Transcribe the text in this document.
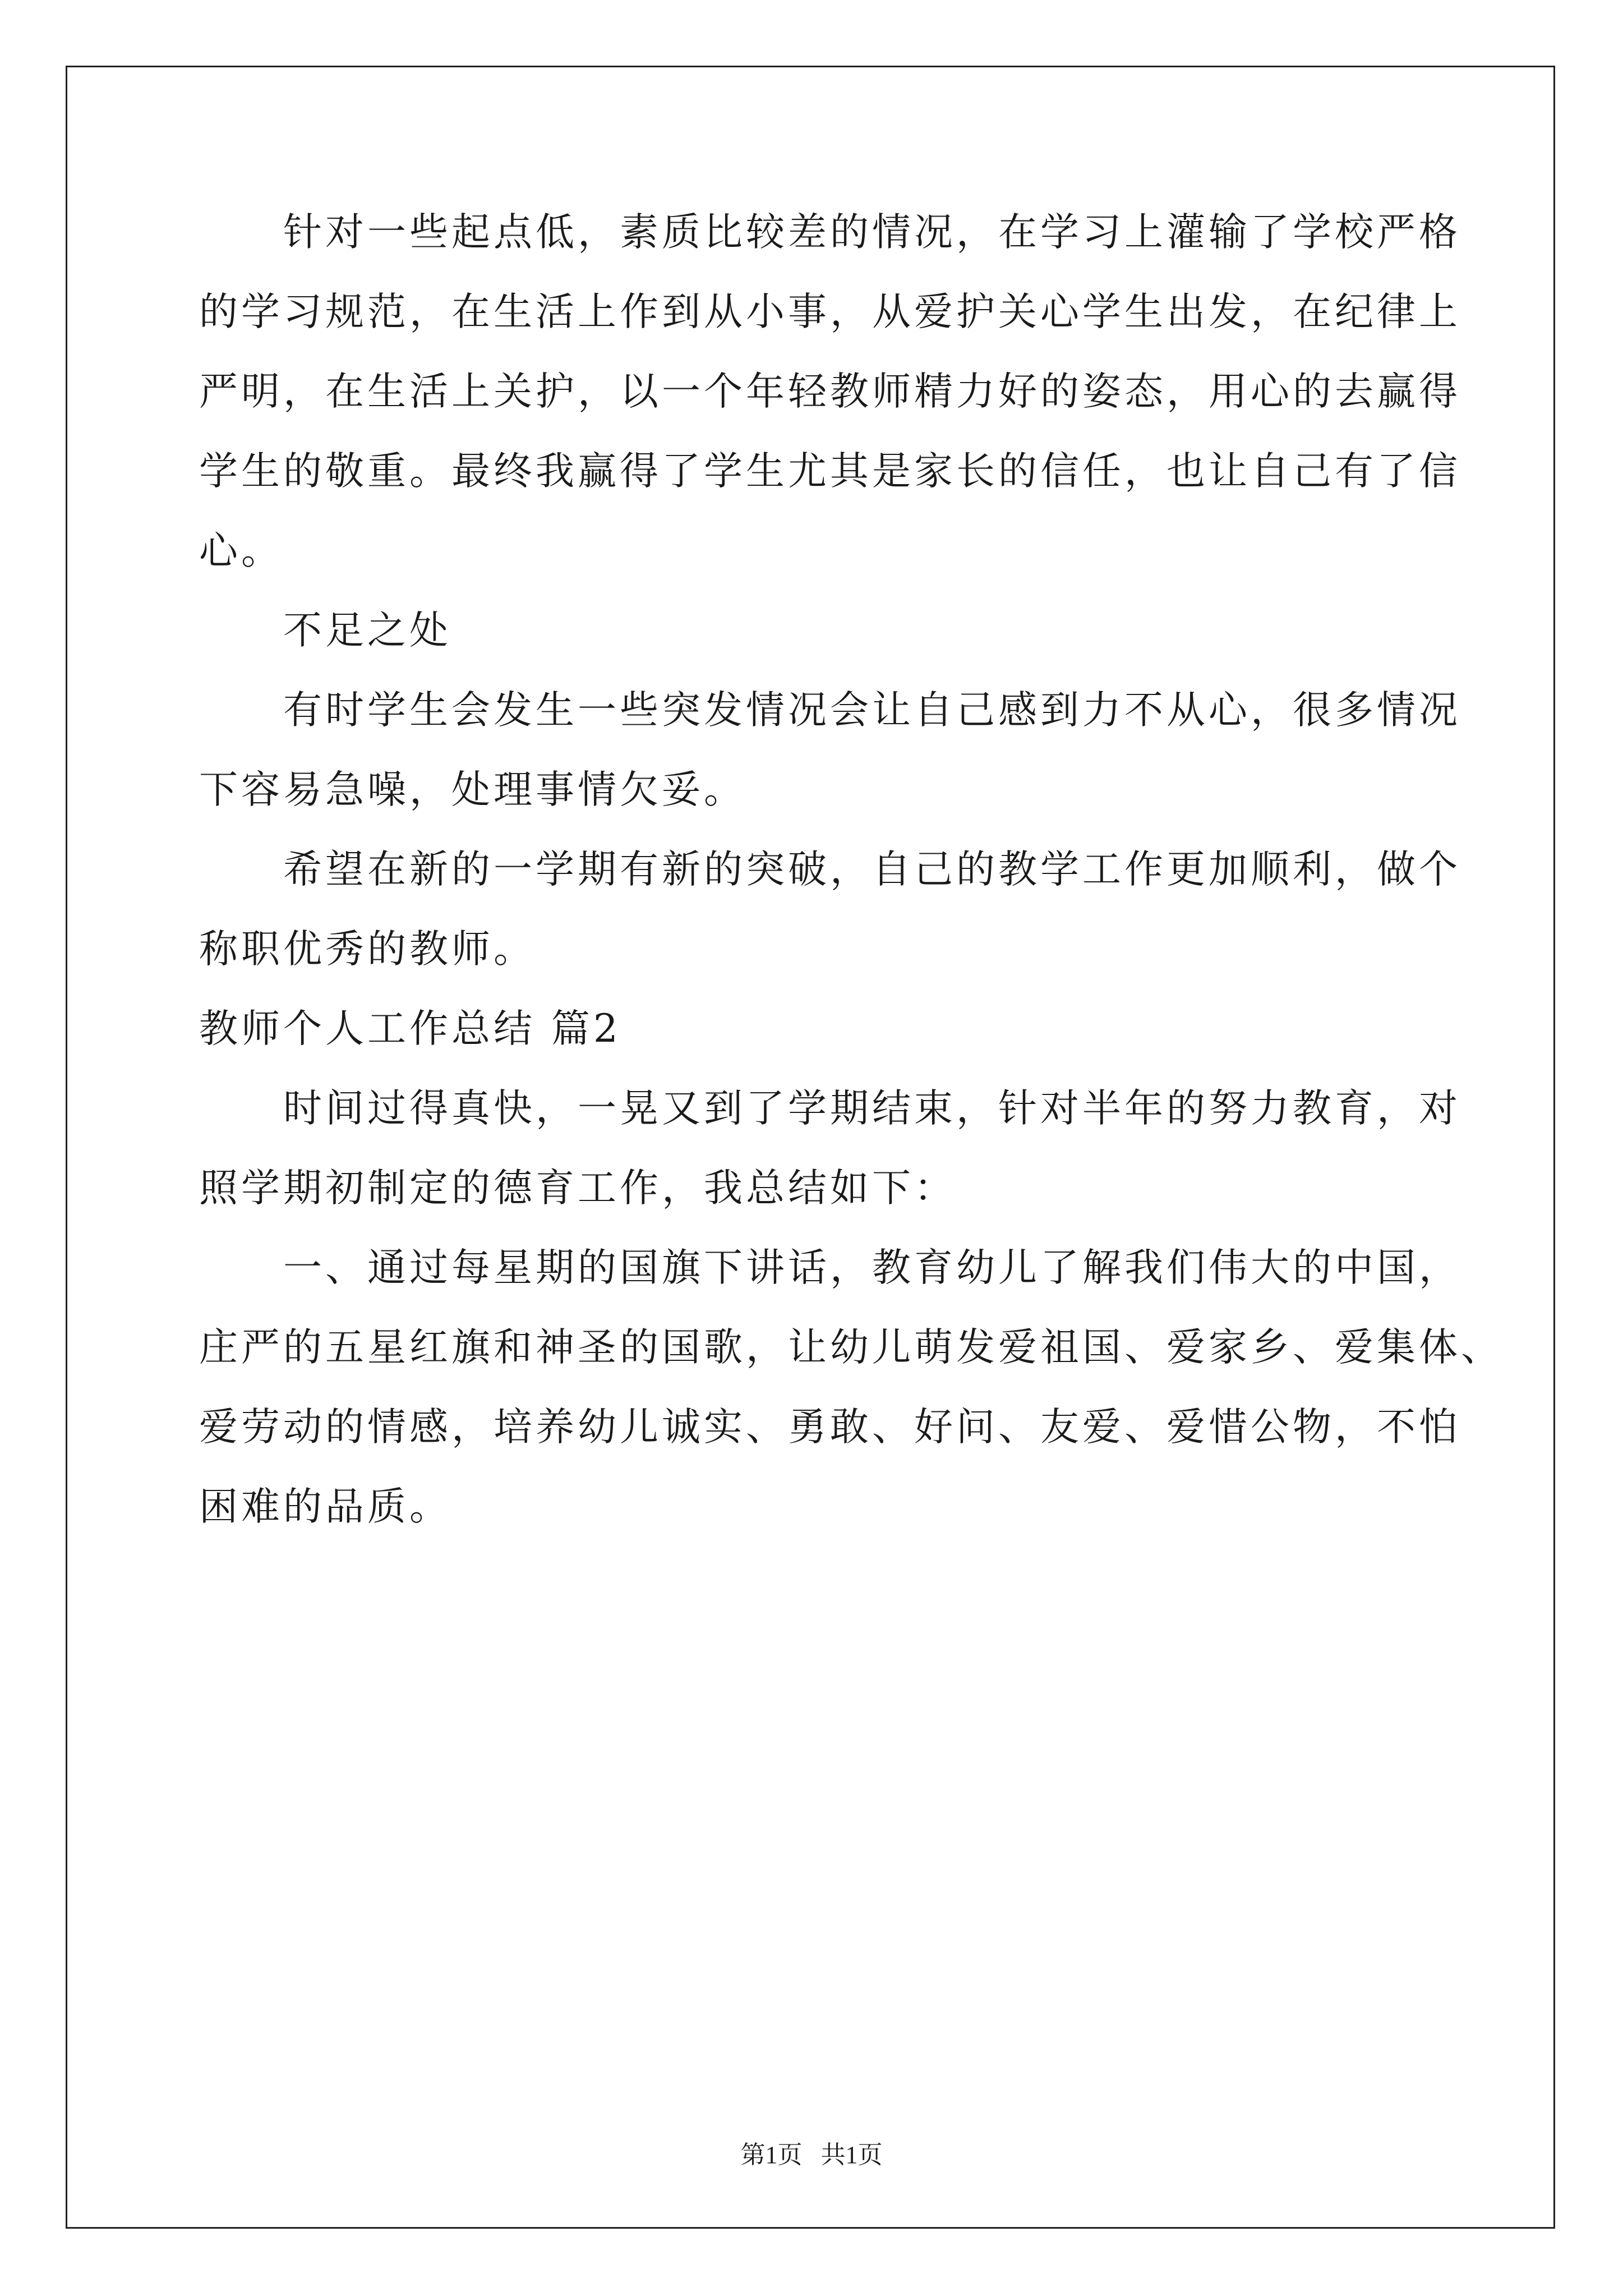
　　针对一些起点低，素质比较差的情况，在学习上灌输了学校严格
的学习规范，在生活上作到从小事，从爱护关心学生出发，在纪律上
严明，在生活上关护，以一个年轻教师精力好的姿态，用心的去赢得
学生的敬重。最终我赢得了学生尤其是家长的信任，也让自己有了信
心。
　　不足之处
　　有时学生会发生一些突发情况会让自己感到力不从心，很多情况
下容易急噪，处理事情欠妥。
　　希望在新的一学期有新的突破，自己的教学工作更加顺利，做个
称职优秀的教师。
教师个人工作总结 篇2
　　时间过得真快，一晃又到了学期结束，针对半年的努力教育，对
照学期初制定的德育工作，我总结如下：
　　一、通过每星期的国旗下讲话，教育幼儿了解我们伟大的中国，
庄严的五星红旗和神圣的国歌，让幼儿萌发爱祖国、爱家乡、爱集体、
爱劳动的情感，培养幼儿诚实、勇敢、好问、友爱、爱惜公物，不怕
困难的品质。
第1页   共1页
